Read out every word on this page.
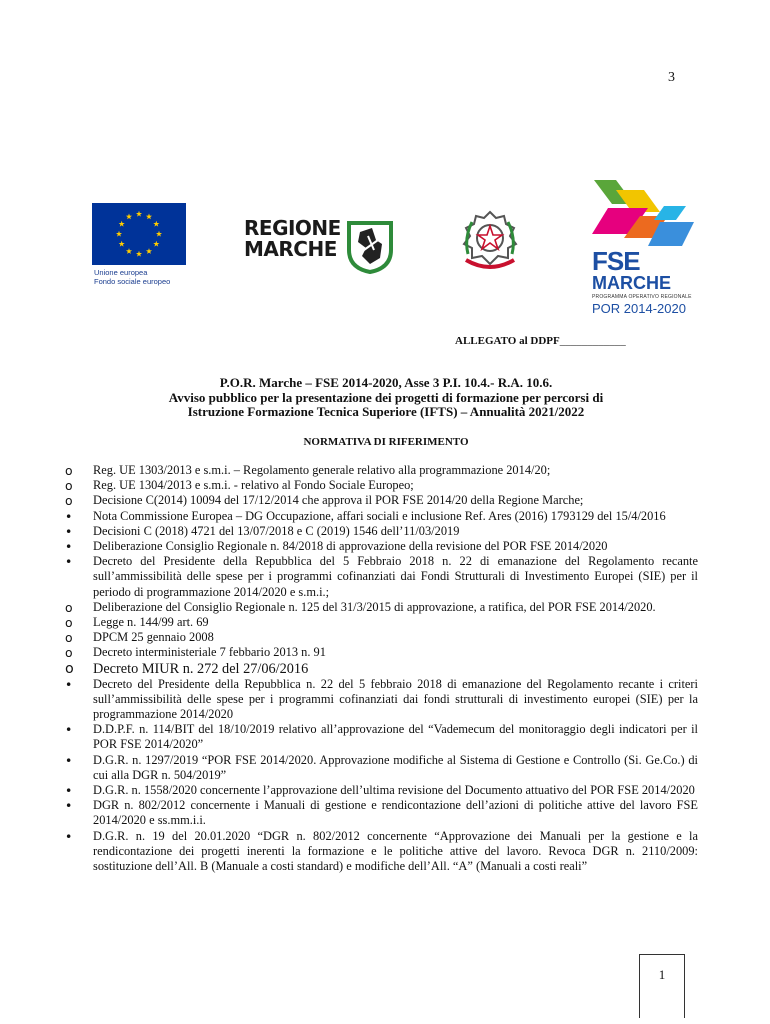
3
Unione europea
Fondo sociale europeo
REGIONE
MARCHE	FSE
MARCHE
PROGRAMMA OPERATIVO REGIONALE
POR 2014-2020
ALLEGATO al DDPF____________
P.O.R. Marche – FSE 2014-2020, Asse 3 P.I. 10.4.- R.A. 10.6.
Avviso pubblico per la presentazione dei progetti di formazione per percorsi di
Istruzione Formazione Tecnica Superiore (IFTS) – Annualità 2021/2022
NORMATIVA DI RIFERIMENTO
o	Reg. UE 1303/2013 e s.m.i. – Regolamento generale relativo alla programmazione 2014/20;
o	Reg. UE 1304/2013 e s.m.i. - relativo al Fondo Sociale Europeo;
o	Decisione C(2014) 10094 del 17/12/2014 che approva il POR FSE 2014/20 della Regione Marche;
•	Nota Commissione Europea – DG Occupazione, affari sociali e inclusione Ref. Ares (2016) 1793129 del 15/4/2016
•	Decisioni C (2018) 4721 del 13/07/2018 e C (2019) 1546 dell’11/03/2019
•	Deliberazione Consiglio Regionale n. 84/2018 di approvazione della revisione del POR FSE 2014/2020
•	Decreto del Presidente della Repubblica del 5 Febbraio 2018 n. 22 di emanazione del Regolamento recante sull’ammissibilità delle spese per i programmi cofinanziati dai Fondi Strutturali di Investimento Europei (SIE) per il periodo di programmazione 2014/2020 e s.m.i.;
o	Deliberazione del Consiglio Regionale n. 125 del 31/3/2015 di approvazione, a ratifica, del POR FSE 2014/2020.
o	Legge n. 144/99 art. 69
o	DPCM 25 gennaio 2008
o	Decreto interministeriale 7 febbario 2013 n. 91
o	Decreto MIUR n. 272 del 27/06/2016
•	Decreto del Presidente della Repubblica n. 22 del 5 febbraio 2018 di emanazione del Regolamento recante i criteri sull’ammissibilità delle spese per i programmi cofinanziati dai fondi strutturali di investimento europei (SIE) per la programmazione 2014/2020
•	D.D.P.F. n. 114/BIT del 18/10/2019 relativo all’approvazione del “Vademecum del monitoraggio degli indicatori per il POR FSE 2014/2020”
•	D.G.R. n. 1297/2019 “POR FSE 2014/2020. Approvazione modifiche al Sistema di Gestione e Controllo (Si. Ge.Co.) di cui alla DGR n. 504/2019”
•	D.G.R. n. 1558/2020 concernente l’approvazione dell’ultima revisione del Documento attuativo del POR FSE 2014/2020
•	DGR n. 802/2012 concernente i Manuali di gestione e rendicontazione dell’azioni di politiche attive del lavoro FSE 2014/2020 e ss.mm.i.i.
•	D.G.R. n. 19 del 20.01.2020 “DGR n. 802/2012 concernente “Approvazione dei Manuali per la gestione e la rendicontazione dei progetti inerenti la formazione e le politiche attive del lavoro. Revoca DGR n. 2110/2009: sostituzione dell’All. B (Manuale a costi standard) e modifiche dell’All. “A” (Manuali a costi reali”
1
